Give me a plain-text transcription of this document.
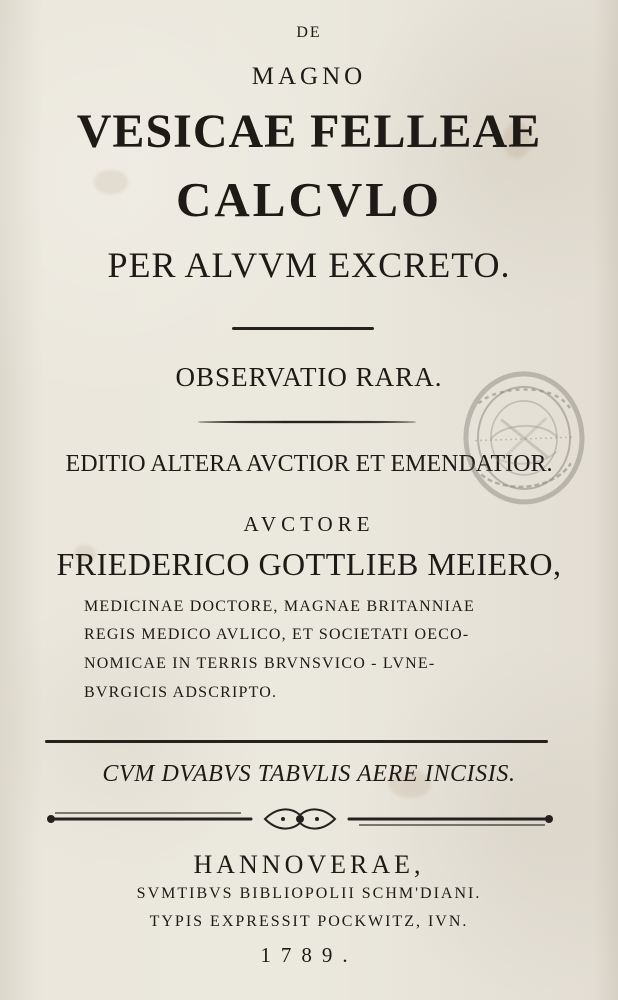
DE
MAGNO
VESICAE FELLEAE
CALCVLO
PER ALVVM EXCRETO.
OBSERVATIO RARA.
EDITIO ALTERA AVCTIOR ET EMENDATIOR.
AVCTORE
FRIEDERICO GOTTLIEB MEIERO,
MEDICINAE DOCTORE, MAGNAE BRITANNIAE
REGIS MEDICO AVLICO, ET SOCIETATI OECO-
NOMICAE IN TERRIS BRVNSVICO - LVNE-
BVRGICIS ADSCRIPTO.
CVM DVABVS TABVLIS AERE INCISIS.
HANNOVERAE,
SVMTIBVS BIBLIOPOLII SCHM'DIANI.
TYPIS EXPRESSIT POCKWITZ, IVN.
1789.
